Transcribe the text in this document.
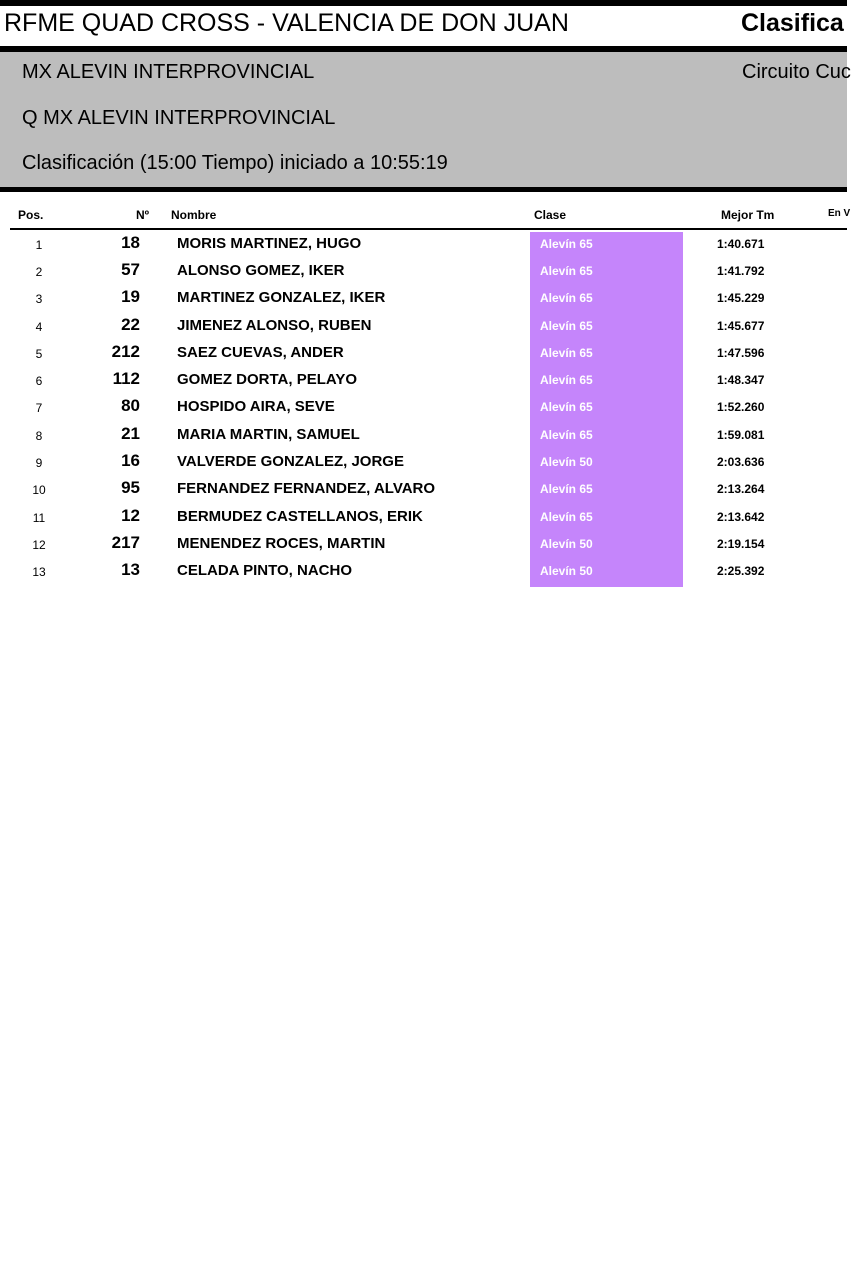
RFME QUAD CROSS - VALENCIA DE DON JUAN	Clasifica
MX ALEVIN INTERPROVINCIAL	Circuito Cuc
Q MX ALEVIN INTERPROVINCIAL
Clasificación (15:00 Tiempo) iniciado a 10:55:19
Pos.	Nº Nombre	Clase	Mejor Tm	En V
1	18 MORIS MARTINEZ, HUGO	Alevín 65	1:40.671
2	57 ALONSO GOMEZ, IKER	Alevín 65	1:41.792
3	19 MARTINEZ GONZALEZ, IKER	Alevín 65	1:45.229
4	22 JIMENEZ ALONSO, RUBEN	Alevín 65	1:45.677
5	212 SAEZ CUEVAS, ANDER	Alevín 65	1:47.596
6	112 GOMEZ DORTA, PELAYO	Alevín 65	1:48.347
7	80 HOSPIDO AIRA, SEVE	Alevín 65	1:52.260
8	21 MARIA MARTIN, SAMUEL	Alevín 65	1:59.081
9	16 VALVERDE GONZALEZ, JORGE	Alevín 50	2:03.636
10	95 FERNANDEZ FERNANDEZ, ALVARO	Alevín 65	2:13.264
11	12 BERMUDEZ CASTELLANOS, ERIK	Alevín 65	2:13.642
12	217 MENENDEZ ROCES, MARTIN	Alevín 50	2:19.154
13	13 CELADA PINTO, NACHO	Alevín 50	2:25.392
